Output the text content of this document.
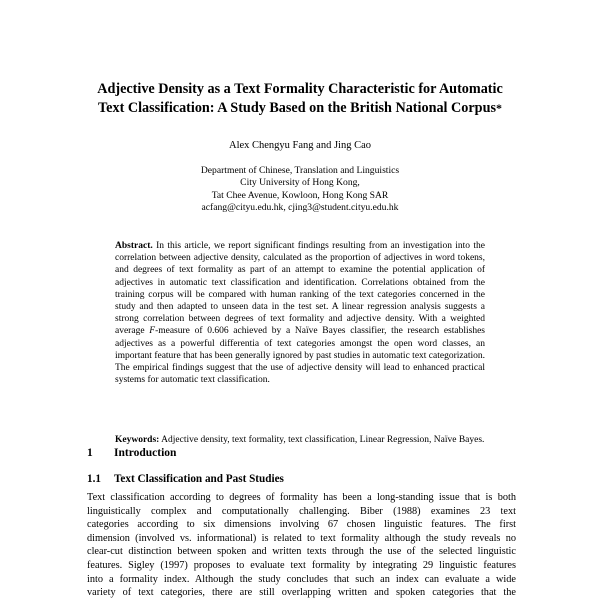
Adjective Density as a Text Formality Characteristic for Automatic
Text Classification: A Study Based on the British National Corpus*
Alex Chengyu Fang and Jing Cao
Department of Chinese, Translation and Linguistics
City University of Hong Kong,
Tat Chee Avenue, Kowloon, Hong Kong SAR
acfang@cityu.edu.hk, cjing3@student.cityu.edu.hk
Abstract. In this article, we report significant findings resulting from an investigation into the correlation between adjective density, calculated as the proportion of adjectives in word tokens, and degrees of text formality as part of an attempt to examine the potential application of adjectives in automatic text classification and identification. Correlations obtained from the training corpus will be compared with human ranking of the text categories concerned in the study and then adapted to unseen data in the test set. A linear regression analysis suggests a strong correlation between degrees of text formality and adjective density. With a weighted average F-measure of 0.606 achieved by a Naïve Bayes classifier, the research establishes adjectives as a powerful differentia of text categories amongst the open word classes, an important feature that has been generally ignored by past studies in automatic text categorization. The empirical findings suggest that the use of adjective density will lead to enhanced practical systems for automatic text classification.
Keywords: Adjective density, text formality, text classification, Linear Regression, Naïve Bayes.
1 Introduction
1.1 Text Classification and Past Studies
Text classification according to degrees of formality has been a long-standing issue that is both
linguistically complex and computationally challenging. Biber (1988) examines 23 text
categories according to six dimensions involving 67 chosen linguistic features. The first
dimension (involved vs. informational) is related to text formality although the study reveals no
clear-cut distinction between spoken and written texts through the use of the selected linguistic
features. Sigley (1997) proposes to evaluate text formality by integrating 29 linguistic features
into a formality index. Although the study concludes that such an index can evaluate a wide
variety of text categories, there are still overlapping written and spoken categories that the
